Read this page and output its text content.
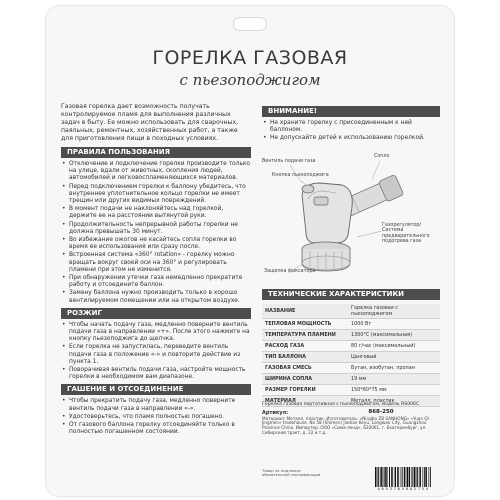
ГОРЕЛКА ГАЗОВАЯ
с пьезоподжигом

Газовая горелка дает возможность получать контролируемое пламя для выполнения различных задач в быту. Ее можно использовать для сварочных, паяльных, ремонтных, хозяйственных работ, а также для приготовления пищи в походных условиях.

ПРАВИЛА ПОЛЬЗОВАНИЯ
• Отключение и подключение горелки производите только на улице, вдали от животных, скопления людей, автомобилей и легковоспламеняющихся материалов.
• Перед подключением горелки к баллону убедитесь, что внутреннее уплотнительное кольцо горелки не имеет трещин или других видимых повреждений.
• В момент подачи не наклоняйтесь над горелкой, держите ее на расстоянии вытянутой руки.
• Продолжительность непрерывной работы горелки не должна превышать 30 минут.
• Во избежание ожогов не касайтесь сопла горелки во время ее использования или сразу после.
• Встроенная система «360° rotation» - горелку можно вращать вокруг своей оси на 360° и регулировать пламени при этом не изменится.
• При обнаружении утечки газа немедленно прекратите работу и отсоедините баллон.
• Замену баллона нужно производить только в хорошо вентилируемом помещении или на открытом воздухе.
РОЗЖИГ
• Чтобы начать подачу газа, медленно поверните вентиль подачи газа в направлении «+». После этого нажмите на кнопку пьезоподжига до щелчка.
• Если горелка не запустилась, переведите вентиль подачи газа в положение «-» и повторите действие из пункта 1.
• Поворачивая вентиль подачи газа, настройте мощность горелки в необходимом вам диапазоне.
ГАШЕНИЕ И ОТСОЕДИНЕНИЕ
• Чтобы прекратить подачу газа, медленно поверните вентиль подачи газа в направлении «-».
• Удостоверьтесь, что пламя полностью погашено.
• От газового баллона горелку отсоединяйте только в полностью погашенном состоянии.
ВНИМАНИЕ!
• Не храните горелку с присоединенным к ней баллоном.
• Не допускайте детей к использованию горелкой.
Вентиль подачи газа
Сопло
Кнопка пьезоподжига
Газорегулятор/Система предварительного подогрева газа
Защелка фиксатора
ТЕХНИЧЕСКИЕ ХАРАКТЕРИСТИКИ
НАЗВАНИЕ	Горелка газовая с пьезоподжигом
ТЕПЛОВАЯ МОЩНОСТЬ	1000 Вт
ТЕМПЕРАТУРА ПЛАМЕНИ	1300°С (максимальная)
РАСХОД ГАЗА	80 г/час (максимальный)
ТИП БАЛЛОНА	Цанговый
ГАЗОВАЯ СМЕСЬ	Бутан, изобутан, пропан
ШИРИНА СОПЛА	19 мм
РАЗМЕР ГОРЕЛКИ	150*60*75 мм
МАТЕРИАЛ	Металл, пластик
Горелка газовая портативная с пьезоподжигом, модель RS006C
Артикул:	868-250
Материал: Металл, пластик. Изготовитель: «Ningbo ZB SANHONG» «Yuan Qi Jingmen» tradehouse. No 58 (Shimen) Jiadian Keyu, Longwan City, Guangzhou Province China. Импортер: ООО «Сима-ленд», 620061, г. Екатеринбург, ул. Сибирский тракт, д. 22 и т.д.
Товар не подлежит обязательной сертификации
4 6 0 3 7 8 0 6 8 2 7 5 4
